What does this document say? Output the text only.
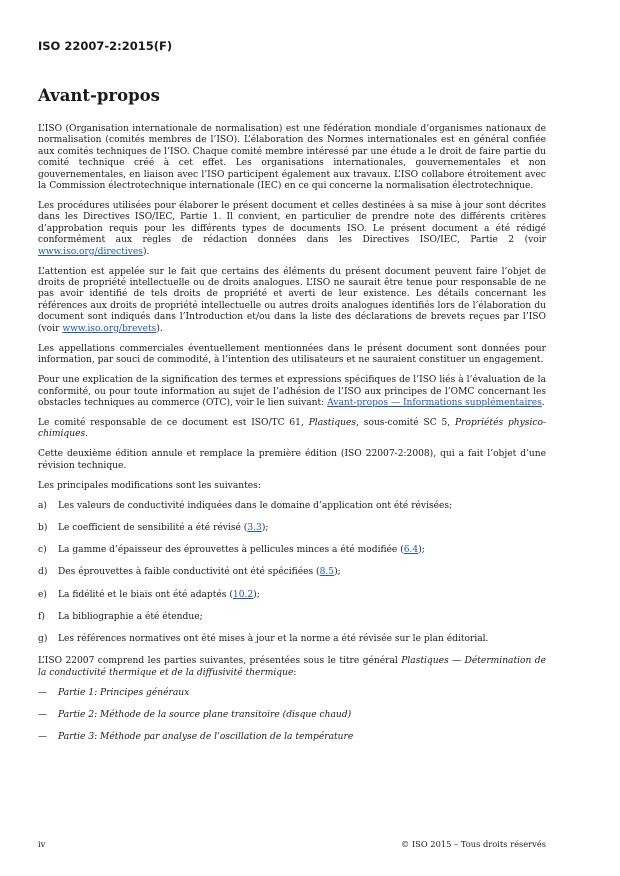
ISO 22007-2:2015(F)
Avant-propos

L’ISO (Organisation internationale de normalisation) est une fédération mondiale d’organismes nationaux de normalisation (comités membres de l’ISO). L’élaboration des Normes internationales est en général confiée aux comités techniques de l’ISO. Chaque comité membre intéressé par une étude a le droit de faire partie du comité technique créé à cet effet. Les organisations internationales, gouvernementales et non gouvernementales, en liaison avec l’ISO participent également aux travaux. L’ISO collabore étroitement avec la Commission électrotechnique internationale (IEC) en ce qui concerne la normalisation électrotechnique.

Les procédures utilisées pour élaborer le présent document et celles destinées à sa mise à jour sont décrites dans les Directives ISO/IEC, Partie 1. Il convient, en particulier de prendre note des différents critères d’approbation requis pour les différents types de documents ISO. Le présent document a été rédigé conformément aux règles de rédaction données dans les Directives ISO/IEC, Partie 2 (voir www.iso.org/directives).

L’attention est appelée sur le fait que certains des éléments du présent document peuvent faire l’objet de droits de propriété intellectuelle ou de droits analogues. L’ISO ne saurait être tenue pour responsable de ne pas avoir identifié de tels droits de propriété et averti de leur existence. Les détails concernant les références aux droits de propriété intellectuelle ou autres droits analogues identifiés lors de l’élaboration du document sont indiqués dans l’Introduction et/ou dans la liste des déclarations de brevets reçues par l’ISO (voir www.iso.org/brevets).

Les appellations commerciales éventuellement mentionnées dans le présent document sont données pour information, par souci de commodité, à l’intention des utilisateurs et ne sauraient constituer un engagement.

Pour une explication de la signification des termes et expressions spécifiques de l’ISO liés à l’évaluation de la conformité, ou pour toute information au sujet de l’adhésion de l’ISO aux principes de l’OMC concernant les obstacles techniques au commerce (OTC), voir le lien suivant: Avant-propos — Informations supplémentaires.

Le comité responsable de ce document est ISO/TC 61, Plastiques, sous-comité SC 5, Propriétés physico-chimiques.

Cette deuxième édition annule et remplace la première édition (ISO 22007-2:2008), qui a fait l’objet d’une révision technique.

Les principales modifications sont les suivantes:

a)	Les valeurs de conductivité indiquées dans le domaine d’application ont été révisées;
b)	Le coefficient de sensibilité a été révisé (3.3);
c)	La gamme d’épaisseur des éprouvettes à pellicules minces a été modifiée (6.4);
d)	Des éprouvettes à faible conductivité ont été spécifiées (8.5);
e)	La fidélité et le biais ont été adaptés (10.2);
f)	La bibliographie a été étendue;
g)	Les références normatives ont été mises à jour et la norme a été révisée sur le plan éditorial.

L’ISO 22007 comprend les parties suivantes, présentées sous le titre général Plastiques — Détermination de la conductivité thermique et de la diffusivité thermique:

—	Partie 1: Principes généraux
—	Partie 2: Méthode de la source plane transitoire (disque chaud)
—	Partie 3: Méthode par analyse de l’oscillation de la température
iv	© ISO 2015 – Tous droits réservés
